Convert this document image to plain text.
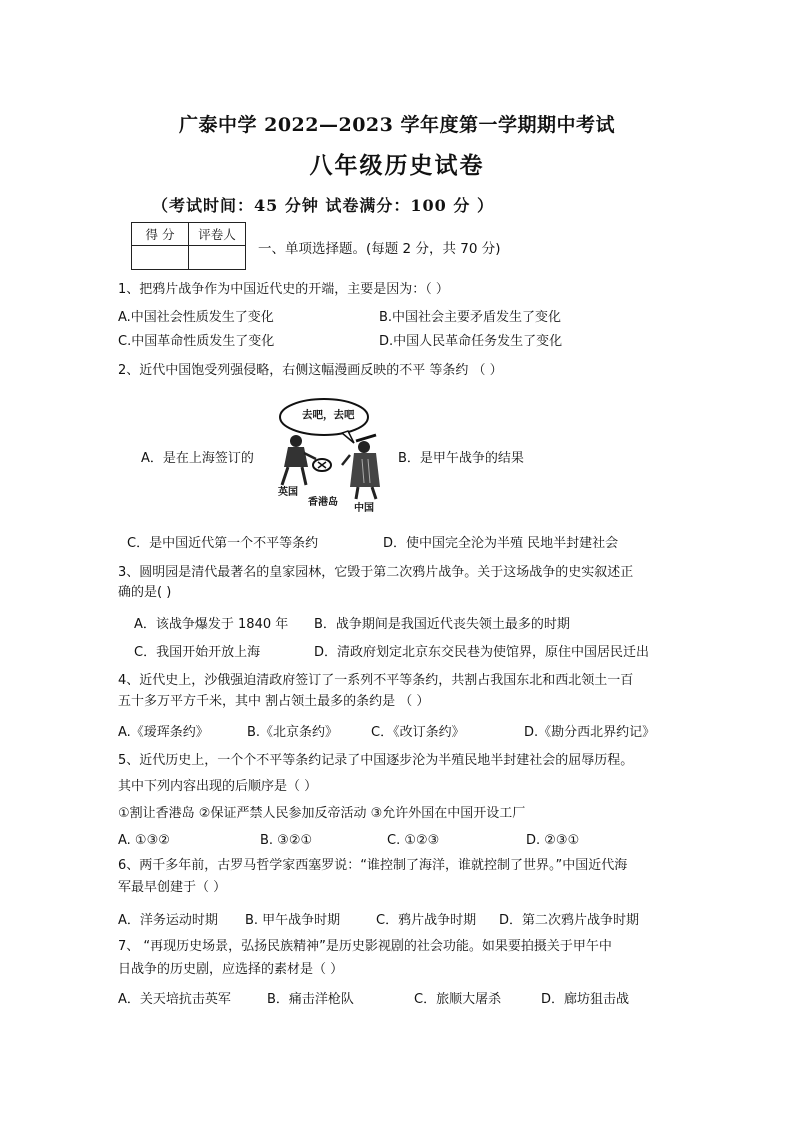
广泰中学 2022—2023 学年度第一学期期中考试
八年级历史试卷
（考试时间：45 分钟 试卷满分：100 分 ）
得 分	评卷人

一、单项选择题。(每题 2 分，共 70 分)
1、把鸦片战争作为中国近代史的开端，主要是因为：（ ）
A.中国社会性质发生了变化	B.中国社会主要矛盾发生了变化
C.中国革命性质发生了变化	D.中国人民革命任务发生了变化
2、近代中国饱受列强侵略，右侧这幅漫画反映的不平 等条约 （ ）
A．是在上海签订的	B．是甲午战争的结果
去吧，去吧
英国
香港岛
中国
C．是中国近代第一个不平等条约	D．使中国完全沦为半殖 民地半封建社会
3、圆明园是清代最著名的皇家园林，它毁于第二次鸦片战争。关于这场战争的史实叙述正
确的是( )
A．该战争爆发于 1840 年 B．战争期间是我国近代丧失领土最多的时期
C．我国开始开放上海	D．清政府划定北京东交民巷为使馆界，原住中国居民迁出
4、近代史上，沙俄强迫清政府签订了一系列不平等条约，共割占我国东北和西北领土一百
五十多万平方千米，其中 割占领土最多的条约是 （ ）
A.《瑷珲条约》	B.《北京条约》	C．《改订条约》	D.《勘分西北界约记》
5、近代历史上，一个个不平等条约记录了中国逐步沦为半殖民地半封建社会的屈辱历程。
其中下列内容出现的后顺序是（ ）
①割让香港岛 ②保证严禁人民参加反帝活动 ③允许外国在中国开设工厂
A. ①③②	B. ③②①	C. ①②③	D. ②③①
6、两千多年前，古罗马哲学家西塞罗说：“谁控制了海洋，谁就控制了世界。”中国近代海
军最早创建于（ ）
A．洋务运动时期 B. 甲午战争时期	C．鸦片战争时期 D．第二次鸦片战争时期
7、 “再现历史场景，弘扬民族精神”是历史影视剧的社会功能。如果要拍摄关于甲午中
日战争的历史剧，应选择的素材是（ ）
A．关天培抗击英军	B．痛击洋枪队	C．旅顺大屠杀	D．廊坊狙击战
